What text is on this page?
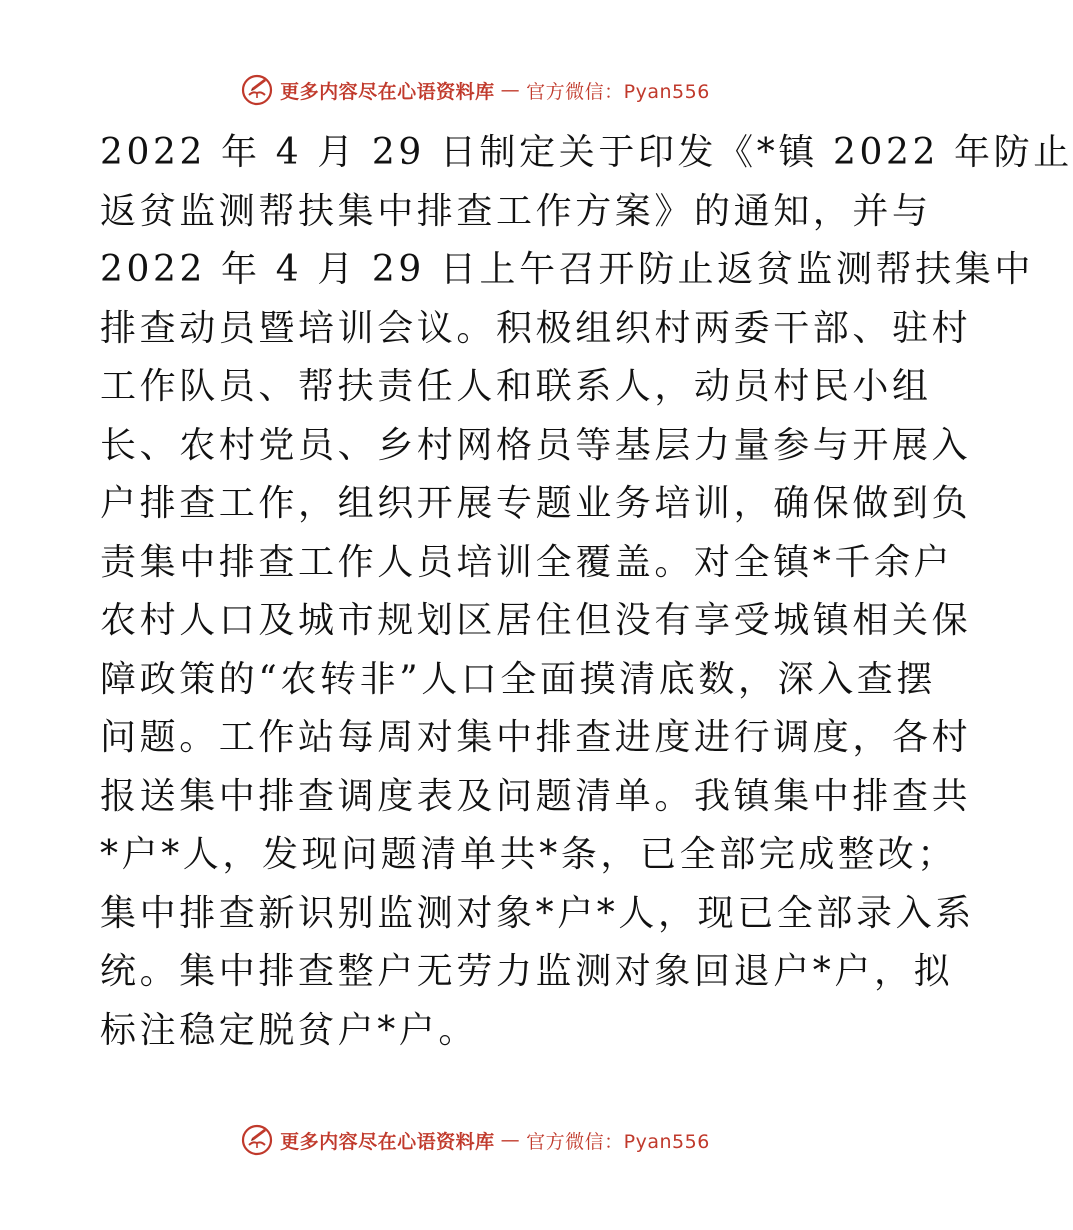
更多内容尽在心语资料库 — 官方微信：Pyan556
2022 年 4 月 29 日制定关于印发《*镇 2022 年防止
返贫监测帮扶集中排查工作方案》的通知，并与
2022 年 4 月 29 日上午召开防止返贫监测帮扶集中
排查动员暨培训会议。积极组织村两委干部、驻村
工作队员、帮扶责任人和联系人，动员村民小组
长、农村党员、乡村网格员等基层力量参与开展入
户排查工作，组织开展专题业务培训，确保做到负
责集中排查工作人员培训全覆盖。对全镇*千余户
农村人口及城市规划区居住但没有享受城镇相关保
障政策的“农转非”人口全面摸清底数，深入查摆
问题。工作站每周对集中排查进度进行调度，各村
报送集中排查调度表及问题清单。我镇集中排查共
*户*人，发现问题清单共*条，已全部完成整改；
集中排查新识别监测对象*户*人，现已全部录入系
统。集中排查整户无劳力监测对象回退户*户，拟
标注稳定脱贫户*户。
更多内容尽在心语资料库 — 官方微信：Pyan556
